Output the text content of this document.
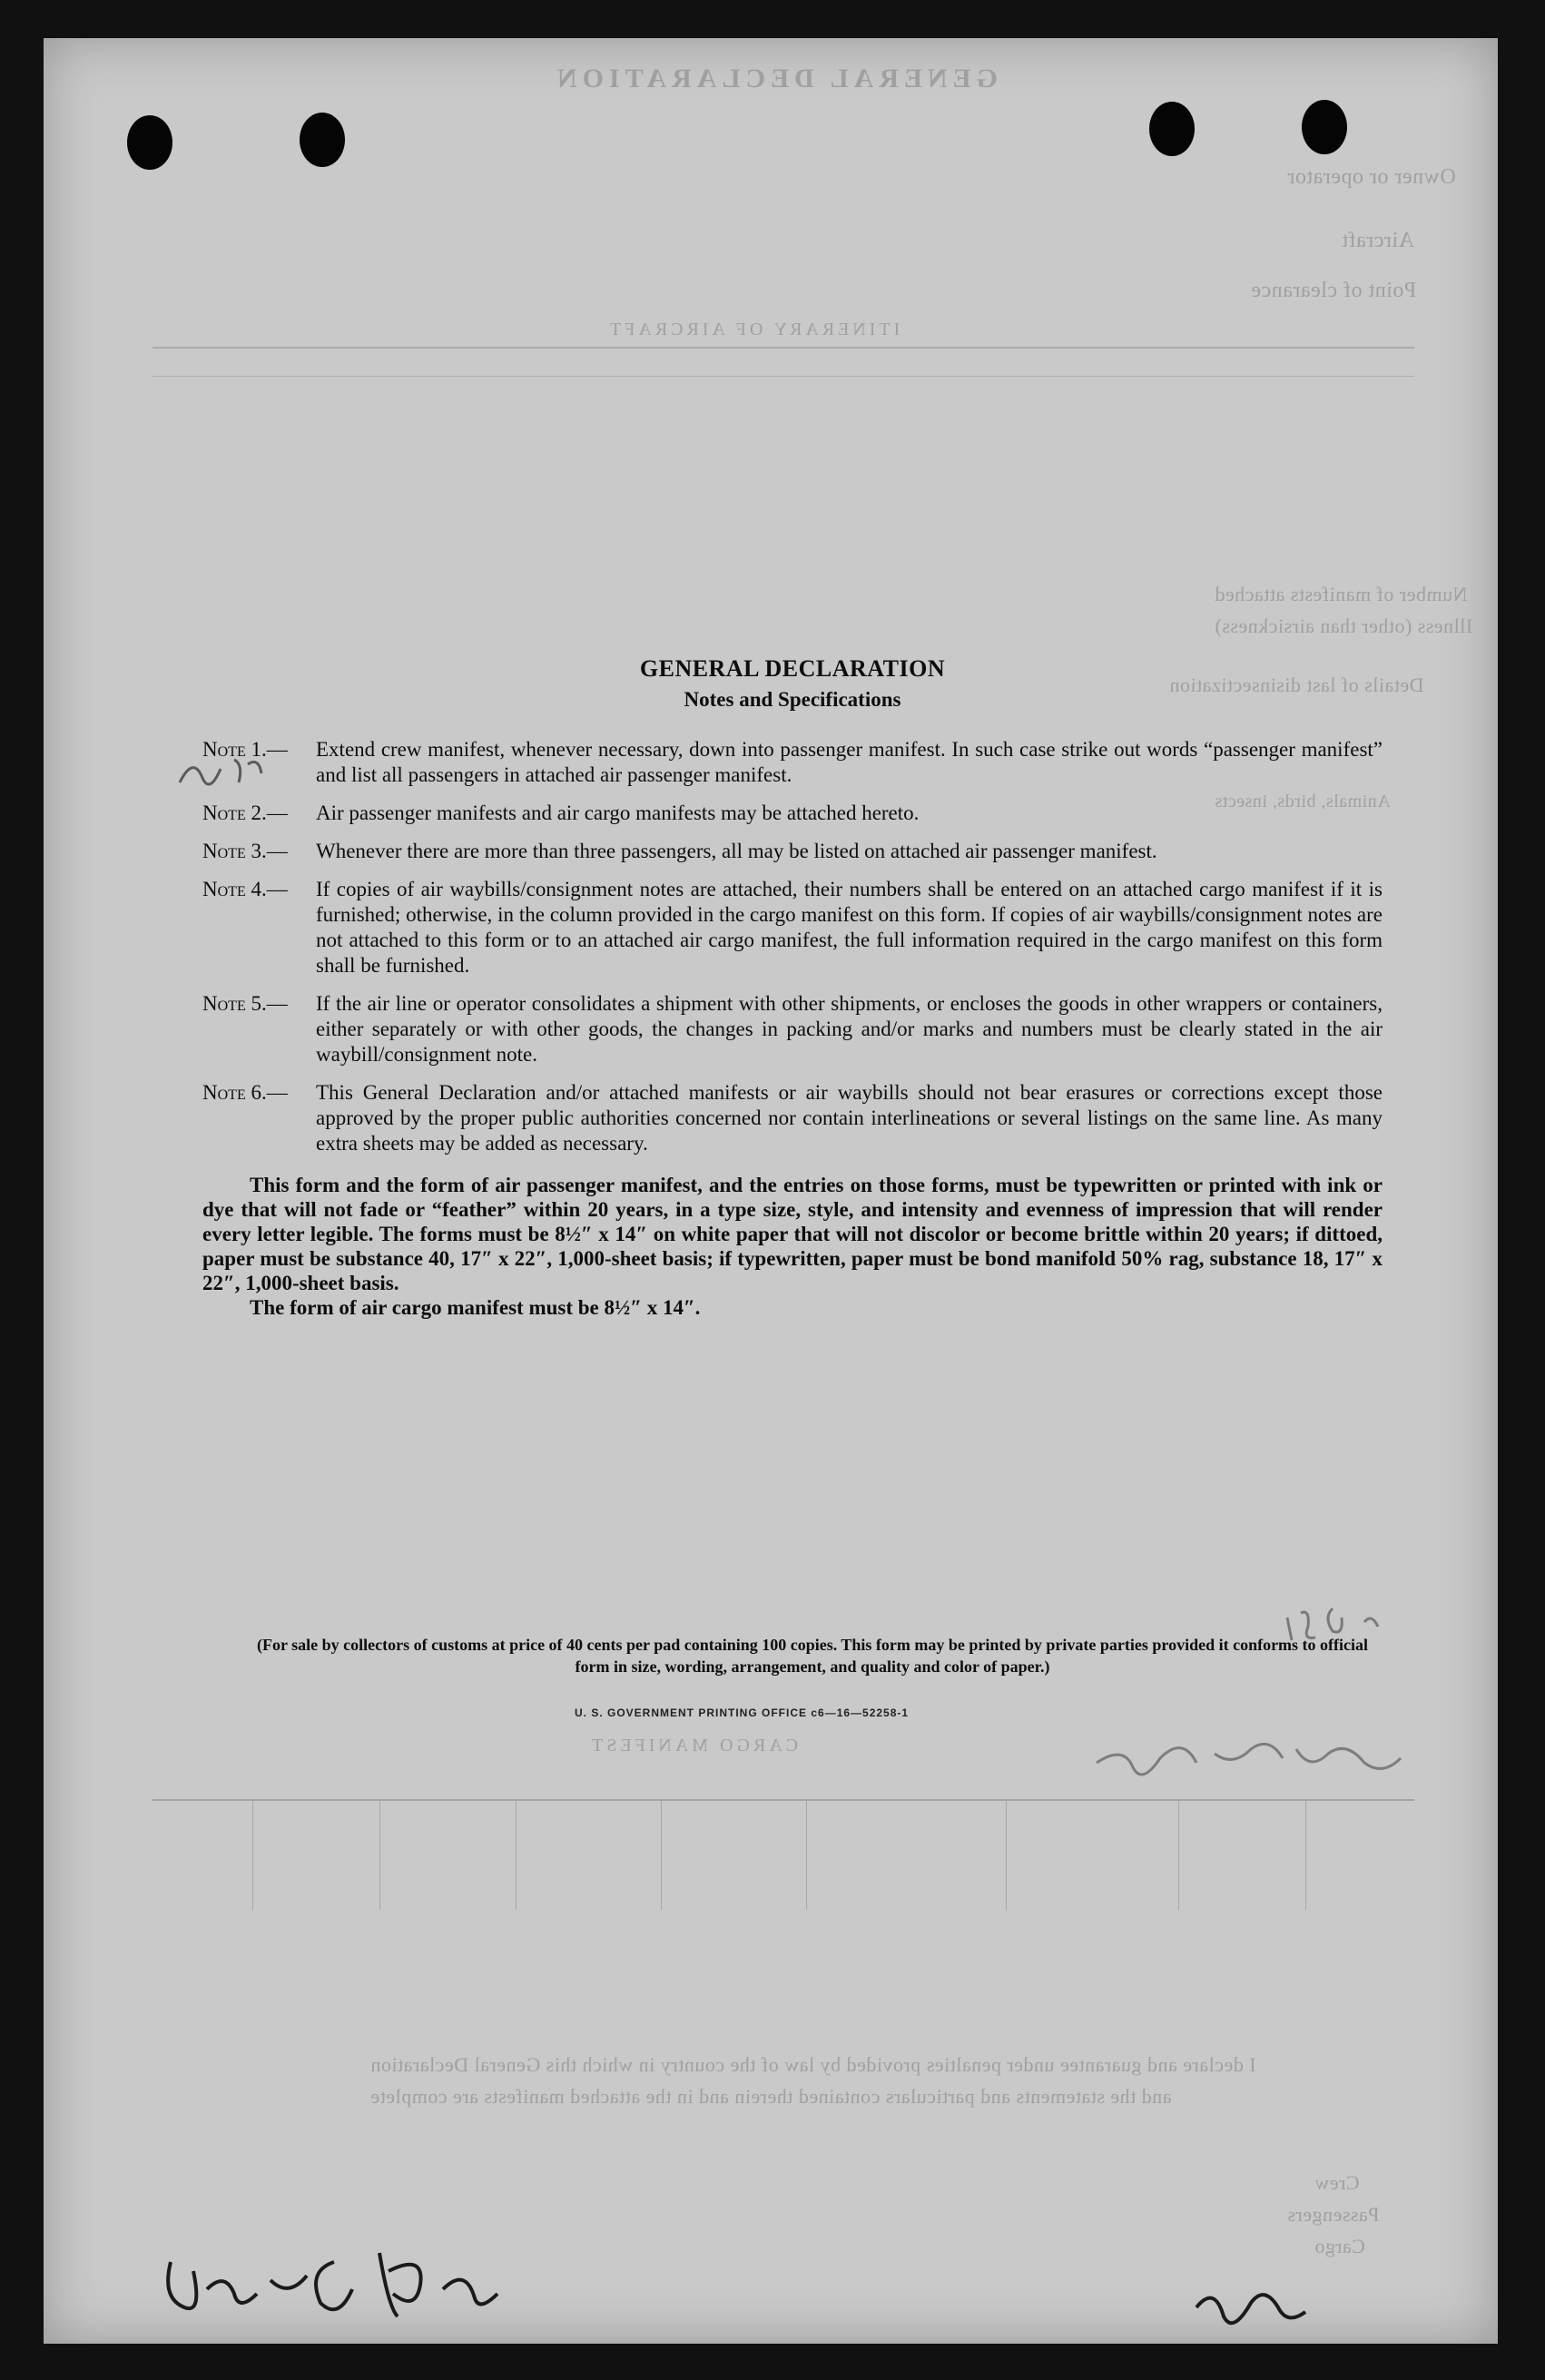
GENERAL DECLARATION
Owner or operator
Aircraft
Point of clearance
ITINERARY OF AIRCRAFT
Number of manifests attached
Illness (other than airsickness)
Details of last disinsectization
Animals, birds, insects
CARGO MANIFEST
I declare and guarantee under penalties provided by law of the country in which this General Declaration
and the statements and particulars contained therein and in the attached manifests are complete
Crew
Passengers
Cargo
GENERAL DECLARATION
Notes and Specifications
Note 1.—	Extend crew manifest, whenever necessary, down into passenger manifest. In such case strike out words “passenger manifest” and list all passengers in attached air passenger manifest.
Note 2.—	Air passenger manifests and air cargo manifests may be attached hereto.
Note 3.—	Whenever there are more than three passengers, all may be listed on attached air passenger manifest.
Note 4.—	If copies of air waybills/consignment notes are attached, their numbers shall be entered on an attached cargo manifest if it is furnished; otherwise, in the column provided in the cargo manifest on this form. If copies of air waybills/consignment notes are not attached to this form or to an attached air cargo manifest, the full information required in the cargo manifest on this form shall be furnished.
Note 5.—	If the air line or operator consolidates a shipment with other shipments, or encloses the goods in other wrappers or containers, either separately or with other goods, the changes in packing and/or marks and numbers must be clearly stated in the air waybill/consignment note.
Note 6.—	This General Declaration and/or attached manifests or air waybills should not bear erasures or corrections except those approved by the proper public authorities concerned nor contain interlineations or several listings on the same line. As many extra sheets may be added as necessary.
This form and the form of air passenger manifest, and the entries on those forms, must be typewritten or printed with ink or dye that will not fade or “feather” within 20 years, in a type size, style, and intensity and evenness of impression that will render every letter legible. The forms must be 8½″ x 14″ on white paper that will not discolor or become brittle within 20 years; if dittoed, paper must be substance 40, 17″ x 22″, 1,000-sheet basis; if typewritten, paper must be bond manifold 50% rag, substance 18, 17″ x 22″, 1,000-sheet basis.
The form of air cargo manifest must be 8½″ x 14″.
(For sale by collectors of customs at price of 40 cents per pad containing 100 copies. This form may be printed by private parties provided it conforms to official form in size, wording, arrangement, and quality and color of paper.)
U. S. GOVERNMENT PRINTING OFFICE c6—16—52258-1
